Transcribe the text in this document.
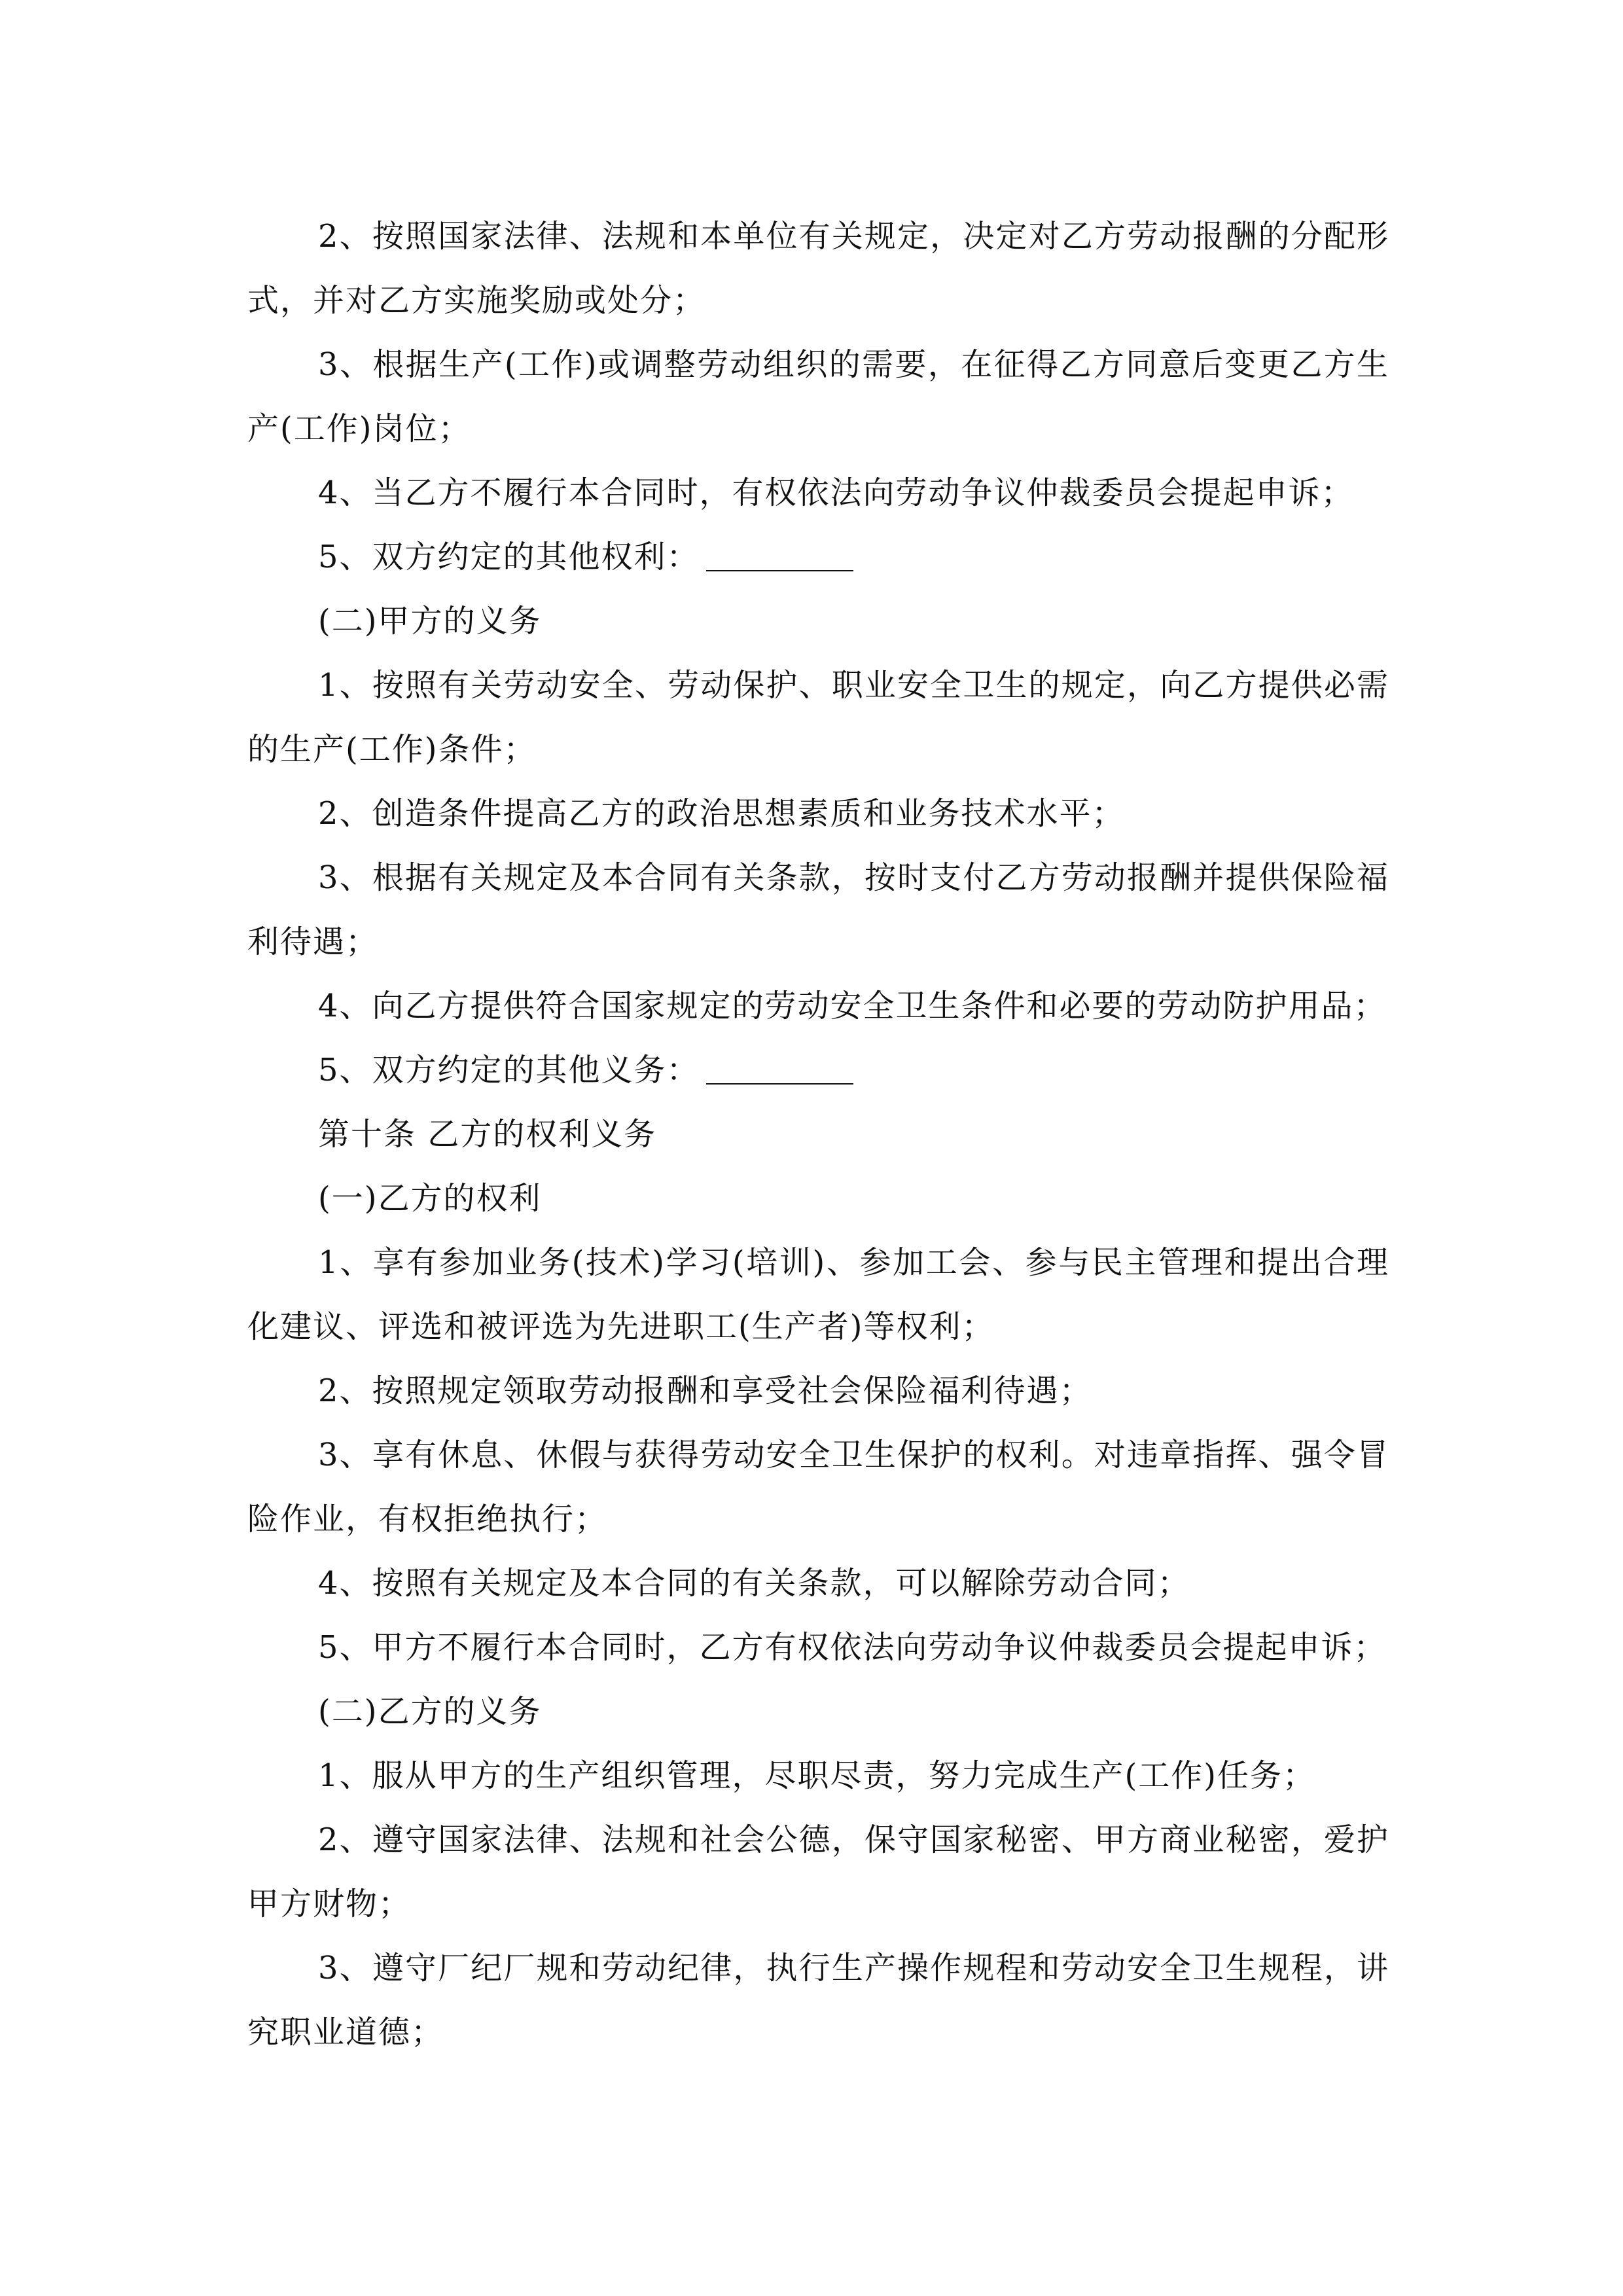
2、按照国家法律、法规和本单位有关规定，决定对乙方劳动报酬的分配形式，并对乙方实施奖励或处分；

3、根据生产(工作)或调整劳动组织的需要，在征得乙方同意后变更乙方生产(工作)岗位；

4、当乙方不履行本合同时，有权依法向劳动争议仲裁委员会提起申诉；

5、双方约定的其他权利：

(二)甲方的义务

1、按照有关劳动安全、劳动保护、职业安全卫生的规定，向乙方提供必需的生产(工作)条件；

2、创造条件提高乙方的政治思想素质和业务技术水平；

3、根据有关规定及本合同有关条款，按时支付乙方劳动报酬并提供保险福利待遇；

4、向乙方提供符合国家规定的劳动安全卫生条件和必要的劳动防护用品；

5、双方约定的其他义务：

第十条 乙方的权利义务

(一)乙方的权利

1、享有参加业务(技术)学习(培训)、参加工会、参与民主管理和提出合理化建议、评选和被评选为先进职工(生产者)等权利；

2、按照规定领取劳动报酬和享受社会保险福利待遇；

3、享有休息、休假与获得劳动安全卫生保护的权利。对违章指挥、强令冒险作业，有权拒绝执行；

4、按照有关规定及本合同的有关条款，可以解除劳动合同；

5、甲方不履行本合同时，乙方有权依法向劳动争议仲裁委员会提起申诉；

(二)乙方的义务

1、服从甲方的生产组织管理，尽职尽责，努力完成生产(工作)任务；

2、遵守国家法律、法规和社会公德，保守国家秘密、甲方商业秘密，爱护甲方财物；

3、遵守厂纪厂规和劳动纪律，执行生产操作规程和劳动安全卫生规程，讲究职业道德；
